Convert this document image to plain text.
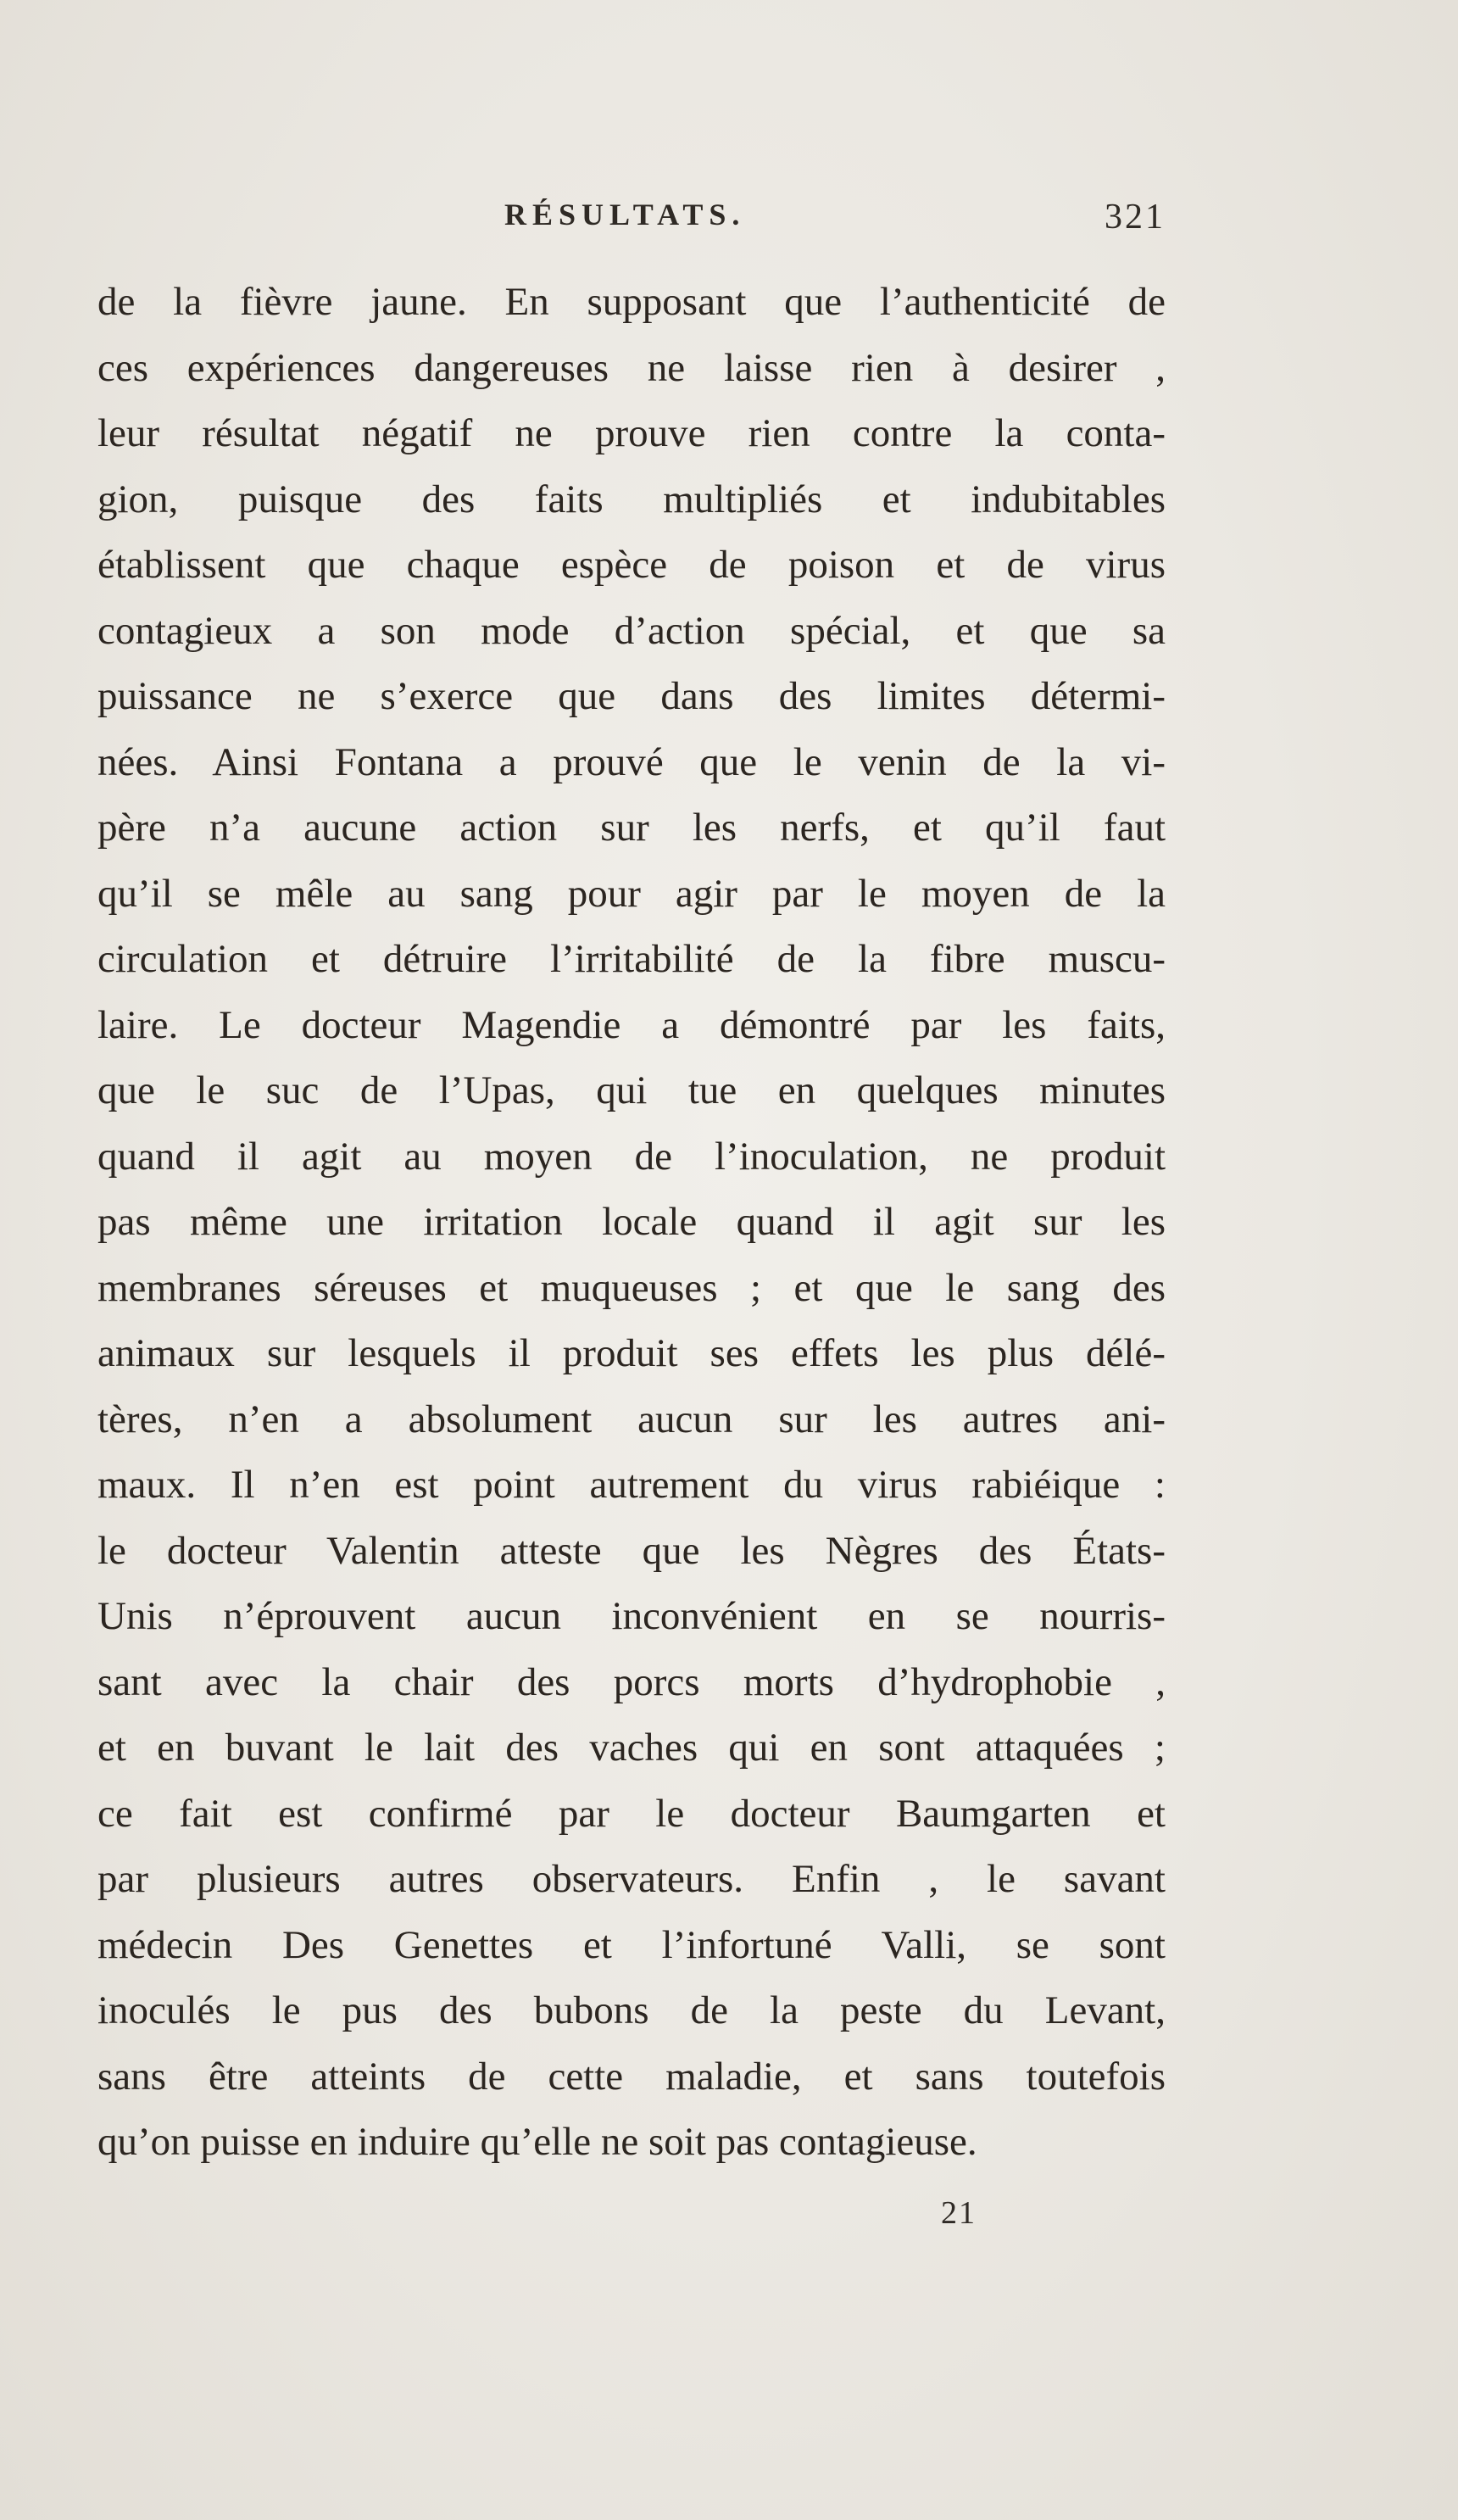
RÉSULTATS.	321
de la fièvre jaune. En supposant que l’authenticité de
ces expériences dangereuses ne laisse rien à desirer ,
leur résultat négatif ne prouve rien contre la conta-
gion, puisque des faits multipliés et indubitables
établissent que chaque espèce de poison et de virus
contagieux a son mode d’action spécial, et que sa
puissance ne s’exerce que dans des limites détermi-
nées. Ainsi Fontana a prouvé que le venin de la vi-
père n’a aucune action sur les nerfs, et qu’il faut
qu’il se mêle au sang pour agir par le moyen de la
circulation et détruire l’irritabilité de la fibre muscu-
laire. Le docteur Magendie a démontré par les faits,
que le suc de l’Upas, qui tue en quelques minutes
quand il agit au moyen de l’inoculation, ne produit
pas même une irritation locale quand il agit sur les
membranes séreuses et muqueuses ; et que le sang des
animaux sur lesquels il produit ses effets les plus délé-
tères, n’en a absolument aucun sur les autres ani-
maux. Il n’en est point autrement du virus rabiéique :
le docteur Valentin atteste que les Nègres des États-
Unis n’éprouvent aucun inconvénient en se nourris-
sant avec la chair des porcs morts d’hydrophobie ,
et en buvant le lait des vaches qui en sont attaquées ;
ce fait est confirmé par le docteur Baumgarten et
par plusieurs autres observateurs. Enfin , le savant
médecin Des Genettes et l’infortuné Valli, se sont
inoculés le pus des bubons de la peste du Levant,
sans être atteints de cette maladie, et sans toutefois
qu’on puisse en induire qu’elle ne soit pas contagieuse.
21
